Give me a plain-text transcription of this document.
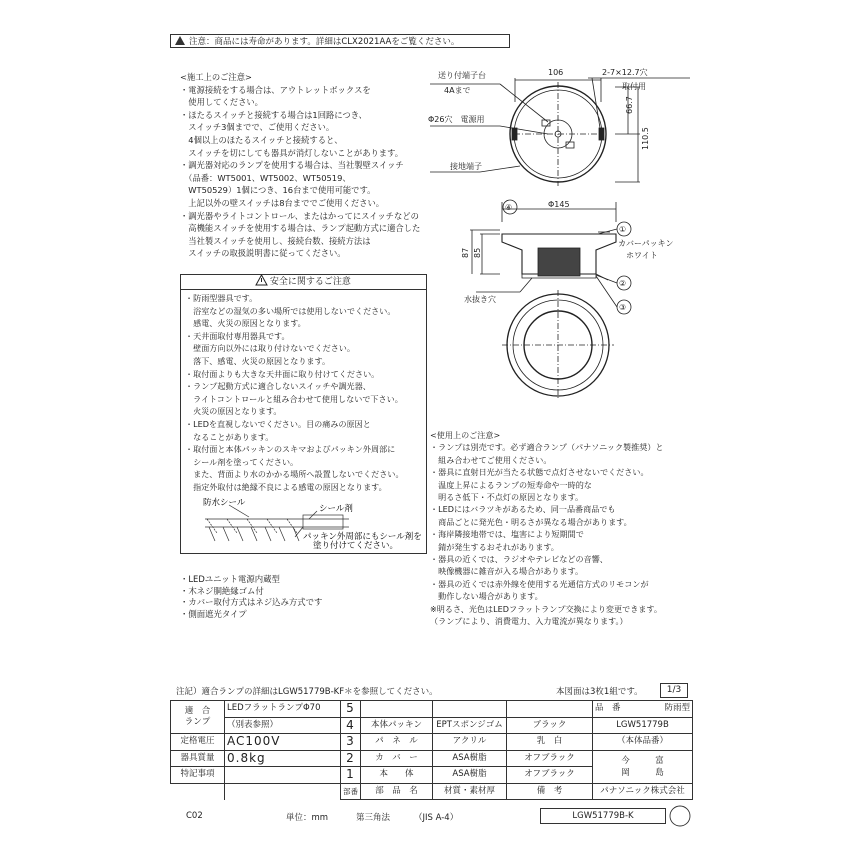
注意：商品には寿命があります。詳細はCLX2021AAをご覧ください。

<施工上のご注意>

・電源接続をする場合は、アウトレットボックスを

　使用してください。

・ほたるスイッチと接続する場合は1回路につき、

　スイッチ3個までで、ご使用ください。

　4個以上のほたるスイッチと接続すると、

　スイッチを切にしても器具が消灯しないことがあります。

・調光器対応のランプを使用する場合は、当社製壁スイッチ

　（品番：WT5001、WT5002、WT50519、

　WT50529）1個につき、16台まで使用可能です。

　上記以外の壁スイッチは8台まででご使用ください。

・調光器やライトコントロール、またはかってにスイッチなどの

　高機能スイッチを使用する場合は、ランプ起動方式に適合した

　当社製スイッチを使用し、接続台数、接続方法は

　スイッチの取扱説明書に従ってください。

安全に関するご注意

・防雨型器具です。

　浴室などの湿気の多い場所では使用しないでください。

　感電、火災の原因となります。

・天井面取付専用器具です。

　壁面方向以外には取り付けないでください。

　落下、感電、火災の原因となります。

・取付面よりも大きな天井面に取り付けてください。

・ランプ起動方式に適合しないスイッチや調光器、

　ライトコントロールと組み合わせて使用しないで下さい。

　火災の原因となります。

・LEDを直視しないでください。目の痛みの原因と

　なることがあります。

・取付面と本体パッキンのスキマおよびパッキン外周部に

　シール剤を塗ってください。

　また、背面より水のかかる場所へ設置しないでください。

　指定外取付は絶縁不良による感電の原因となります。

防水シール
シール剤
パッキン外周部にもシール剤を
塗り付けてください。

・LEDユニット電源内蔵型

・木ネジ胴絶縁ゴム付

・カバー取付方式はネジ込み方式です

・側面遮光タイプ

<使用上のご注意>

・ランプは別売です。必ず適合ランプ（パナソニック製推奨）と

　組み合わせてご使用ください。

・器具に直射日光が当たる状態で点灯させないでください。

　温度上昇によるランプの短寿命や一時的な

　明るさ低下・不点灯の原因となります。

・LEDにはバラツキがあるため、同一品番商品でも

　商品ごとに発光色・明るさが異なる場合があります。

・海岸隣接地帯では、塩害により短期間で

　錆が発生するおそれがあります。

・器具の近くでは、ラジオやテレビなどの音響、

　映像機器に雑音が入る場合があります。

・器具の近くでは赤外線を使用する光通信方式のリモコンが

　動作しない場合があります。

※明るさ、光色はLEDフラットランプ交換により変更できます。

（ランプにより、消費電力、入力電流が異なります。）

106	2-7×12.7穴
取付用
送り付端子台
4Aまで
Φ26穴　電源用
接地端子
66.7
110.5
Φ145
87 85
カバーパッキン
ホワイト
水抜き穴
①
②
③
④
注記）適合ランプの詳細はLGW51779B-KF＊を参照してください。	本図面は3枚1組です。	1/3
適　合
ランプ	LEDフラットランプΦ70	5				品　番 防雨型

	（別表参照）	4	本体パッキン	EPTスポンジゴム	ブラック	LGW51779B
定格電圧	AC100V	3	パ　ネ　ル	アクリル	乳　白	（本体品番）
器具質量	0.8kg	2	カ　バ　ー	ASA樹脂	オフブラック	今　　　富
岡　　　島
特記事項		1	本　　体	ASA樹脂	オフブラック	
		部番	部　品　名	材質・素材厚	備　考	パナソニック株式会社
C02	単位：mm	第三角法	（JIS A-4）	LGW51779B-K
